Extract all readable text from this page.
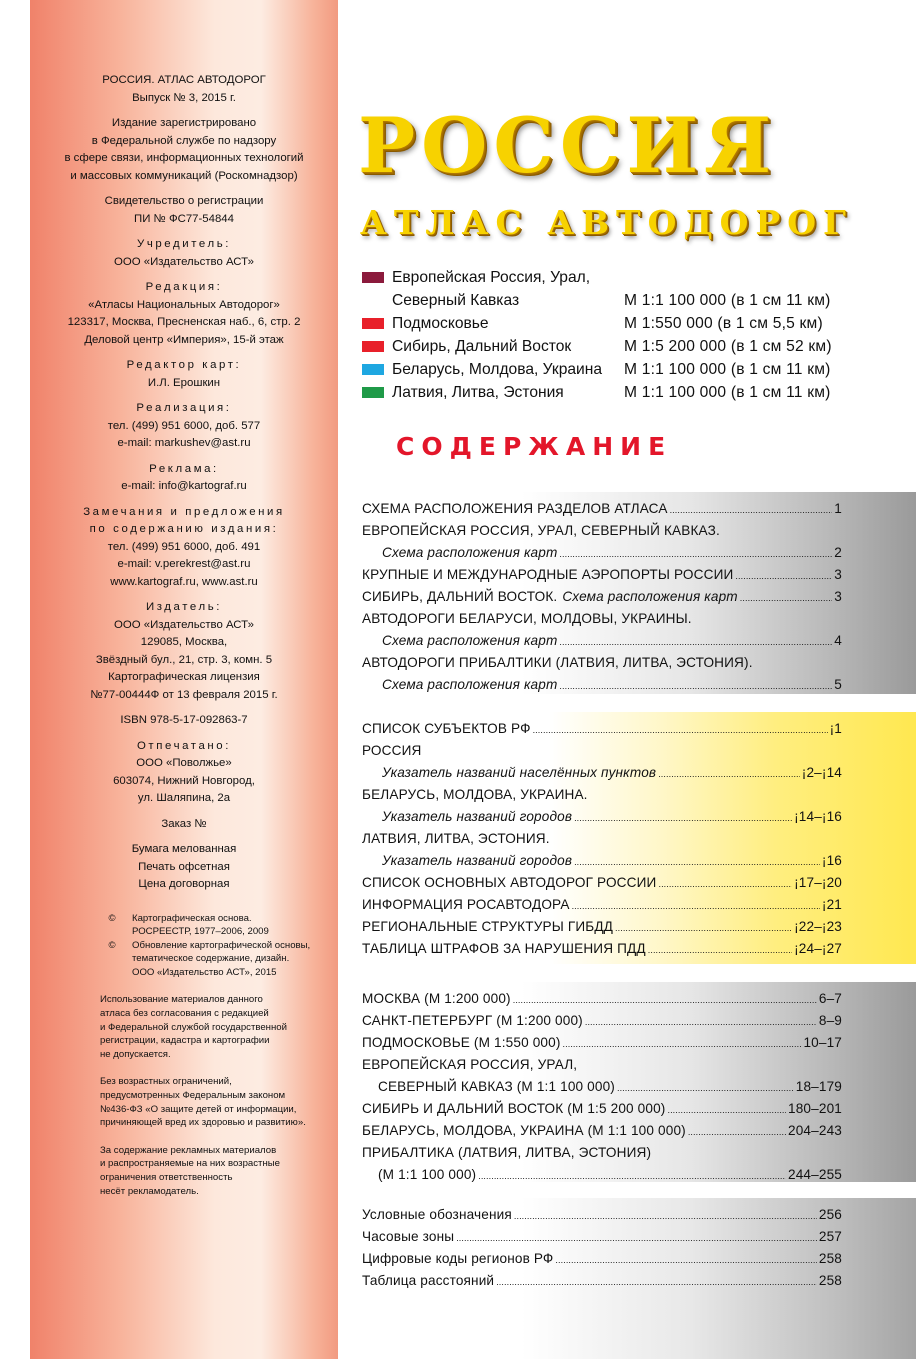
РОССИЯ. АТЛАС АВТОДОРОГ
Выпуск № 3, 2015 г.
Издание зарегистрировано
в Федеральной службе по надзору
в сфере связи, информационных технологий
и массовых коммуникаций (Роскомнадзор)
Свидетельство о регистрации
ПИ № ФС77-54844
Учредитель:
ООО «Издательство АСТ»
Редакция:
«Атласы Национальных Автодорог»
123317, Москва, Пресненская наб., 6, стр. 2
Деловой центр «Империя», 15-й этаж
Редактор карт:
И.Л. Ерошкин
Реализация:
тел. (499) 951 6000, доб. 577
e-mail: markushev@ast.ru
Реклама:
e-mail: info@kartograf.ru
Замечания и предложения
по содержанию издания:
тел. (499) 951 6000, доб. 491
e-mail: v.perekrest@ast.ru
www.kartograf.ru, www.ast.ru
Издатель:
ООО «Издательство АСТ»
129085, Москва,
Звёздный бул., 21, стр. 3, комн. 5
Картографическая лицензия
№77-00444Ф от 13 февраля 2015 г.
ISBN 978-5-17-092863-7
Отпечатано:
ООО «Поволжье»
603074, Нижний Новгород,
ул. Шаляпина, 2а
Заказ №
Бумага мелованная
Печать офсетная
Цена договорная
©	Картографическая основа.
РОСРЕЕСТР, 1977–2006, 2009
©	Обновление картографической основы,
тематическое содержание, дизайн.
ООО «Издательство АСТ», 2015
Использование материалов данного
атласа без согласования с редакцией
и Федеральной службой государственной
регистрации, кадастра и картографии
не допускается.
Без возрастных ограничений,
предусмотренных Федеральным законом
№436-ФЗ «О защите детей от информации,
причиняющей вред их здоровью и развитию».
За содержание рекламных материалов
и распространяемые на них возрастные
ограничения ответственность
несёт рекламодатель.
РОССИЯ
АТЛАС АВТОДОРОГ
Европейская Россия, Урал,
Северный Кавказ	М 1:1 100 000 (в 1 см 11 км)
Подмосковье	М 1:550 000 (в 1 см 5,5 км)
Сибирь, Дальний Восток	М 1:5 200 000 (в 1 см 52 км)
Беларусь, Молдова, Украина М 1:1 100 000 (в 1 см 11 км)
Латвия, Литва, Эстония	М 1:1 100 000 (в 1 см 11 км)
СОДЕРЖАНИЕ
СХЕМА РАСПОЛОЖЕНИЯ РАЗДЕЛОВ АТЛАСА . . .	1
ЕВРОПЕЙСКАЯ РОССИЯ, УРАЛ, СЕВЕРНЫЙ КАВКАЗ.
Схема расположения карт . . .	2
КРУПНЫЕ И МЕЖДУНАРОДНЫЕ АЭРОПОРТЫ РОССИИ . . .	3
СИБИРЬ, ДАЛЬНИЙ ВОСТОК. Схема расположения карт . . .	3
АВТОДОРОГИ БЕЛАРУСИ, МОЛДОВЫ, УКРАИНЫ.
Схема расположения карт . . .	4
АВТОДОРОГИ ПРИБАЛТИКИ (ЛАТВИЯ, ЛИТВА, ЭСТОНИЯ).
Схема расположения карт . . .	5
СПИСОК СУБЪЕКТОВ РФ . . .	¡1
РОССИЯ
Указатель названий населённых пунктов . . .	¡2–¡14
БЕЛАРУСЬ, МОЛДОВА, УКРАИНА.
Указатель названий городов . . .	¡14–¡16
ЛАТВИЯ, ЛИТВА, ЭСТОНИЯ.
Указатель названий городов . . .	¡16
СПИСОК ОСНОВНЫХ АВТОДОРОГ РОССИИ . . .	¡17–¡20
ИНФОРМАЦИЯ РОСАВТОДОРА . . .	¡21
РЕГИОНАЛЬНЫЕ СТРУКТУРЫ ГИБДД . . .	¡22–¡23
ТАБЛИЦА ШТРАФОВ ЗА НАРУШЕНИЯ ПДД . . .	¡24–¡27
МОСКВА (М 1:200 000) . . .	6–7
САНКТ-ПЕТЕРБУРГ (М 1:200 000) . . .	8–9
ПОДМОСКОВЬЕ (М 1:550 000) . . .	10–17
ЕВРОПЕЙСКАЯ РОССИЯ, УРАЛ,
СЕВЕРНЫЙ КАВКАЗ (М 1:1 100 000) . . .	18–179
СИБИРЬ И ДАЛЬНИЙ ВОСТОК (М 1:5 200 000) . . .	180–201
БЕЛАРУСЬ, МОЛДОВА, УКРАИНА (М 1:1 100 000) . . .	204–243
ПРИБАЛТИКА (ЛАТВИЯ, ЛИТВА, ЭСТОНИЯ)
(М 1:1 100 000) . . .	244–255
Условные обозначения . . .	256
Часовые зоны . . .	257
Цифровые коды регионов РФ . . .	258
Таблица расстояний . . .	258
